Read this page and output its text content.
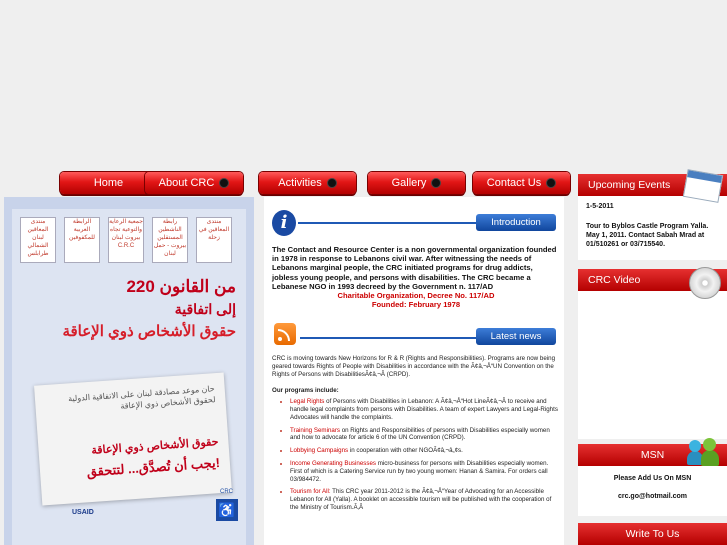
Home	About CRC	Activities	Gallery	Contact Us
منتدى المعاقين لبنان الشمالي طرابلس
الرابطة العربية للمكفوفين
جمعية الرعاية والتوعية تجاه بيروت لبنان C.R.C
رابطة الناشطين المستقلين بيروت - حمل لبنان
منتدى المعاقين في زحلة
من القانون 220
إلى اتفاقية
حقوق الأشخاص ذوي الإعاقة
حان موعد مصادقة لبنان على الاتفاقية الدولية لحقوق الأشخاص ذوي الإعاقة
حقوق الأشخاص ذوي الإعاقة
يجب أن تُصدَّق... لتتحقق!
♿
CRC
USAID
i	Introduction
The Contact and Resource Center is a non governmental organization founded in 1978 in response to Lebanons civil war. After witnessing the needs of Lebanons marginal people, the CRC initiated programs for drug addicts, jobless young people, and persons with disabilities. The CRC became a Lebanese NGO in 1993 decreed by the Government n. 117/AD
Charitable Organization, Decree No. 117/AD
Founded: February 1978
Latest news
CRC is moving towards New Horizons for R & R (Rights and Responsibilities). Programs are now being geared towards Rights of People with Disabilities in accordance with the Ã¢â‚¬Å“UN Convention on the Rights of Persons with DisabilitiesÃ¢â‚¬Â (CRPD).
Our programs include:
• Legal Rights of Persons with Disabilities in Lebanon: A Ã¢â‚¬Å“Hot LineÃ¢â‚¬Â to receive and handle legal complaints from persons with Disabilities. A team of expert Lawyers and Legal-Rights Advocates will handle the complaints.
• Training Seminars on Rights and Responsibilities of persons with Disabilities especially women and how to advocate for article 6 of the UN Convention (CRPD).
• Lobbying Campaigns in cooperation with other NGOÃ¢â‚¬â„¢s.
• Income Generating Businesses micro-business for persons with Disabilities especially women. First of which is a Catering Service run by two young women: Hanan & Samira. For orders call 03/984472.
• Tourism for All: This CRC year 2011-2012 is the Ã¢â‚¬Å“Year of Advocating for an Accessible Lebanon for All (Yalla). A booklet on accessible tourism will be published with the cooperation of the Ministry of Tourism.Ã‚Â
Upcoming Events
1-5-2011
Tour to Byblos Castle Program Yalla. May 1, 2011. Contact Sabah Mrad at 01/510261 or 03/715540.
CRC Video
MSN
Please Add Us On MSN
crc.go@hotmail.com
Write To Us
